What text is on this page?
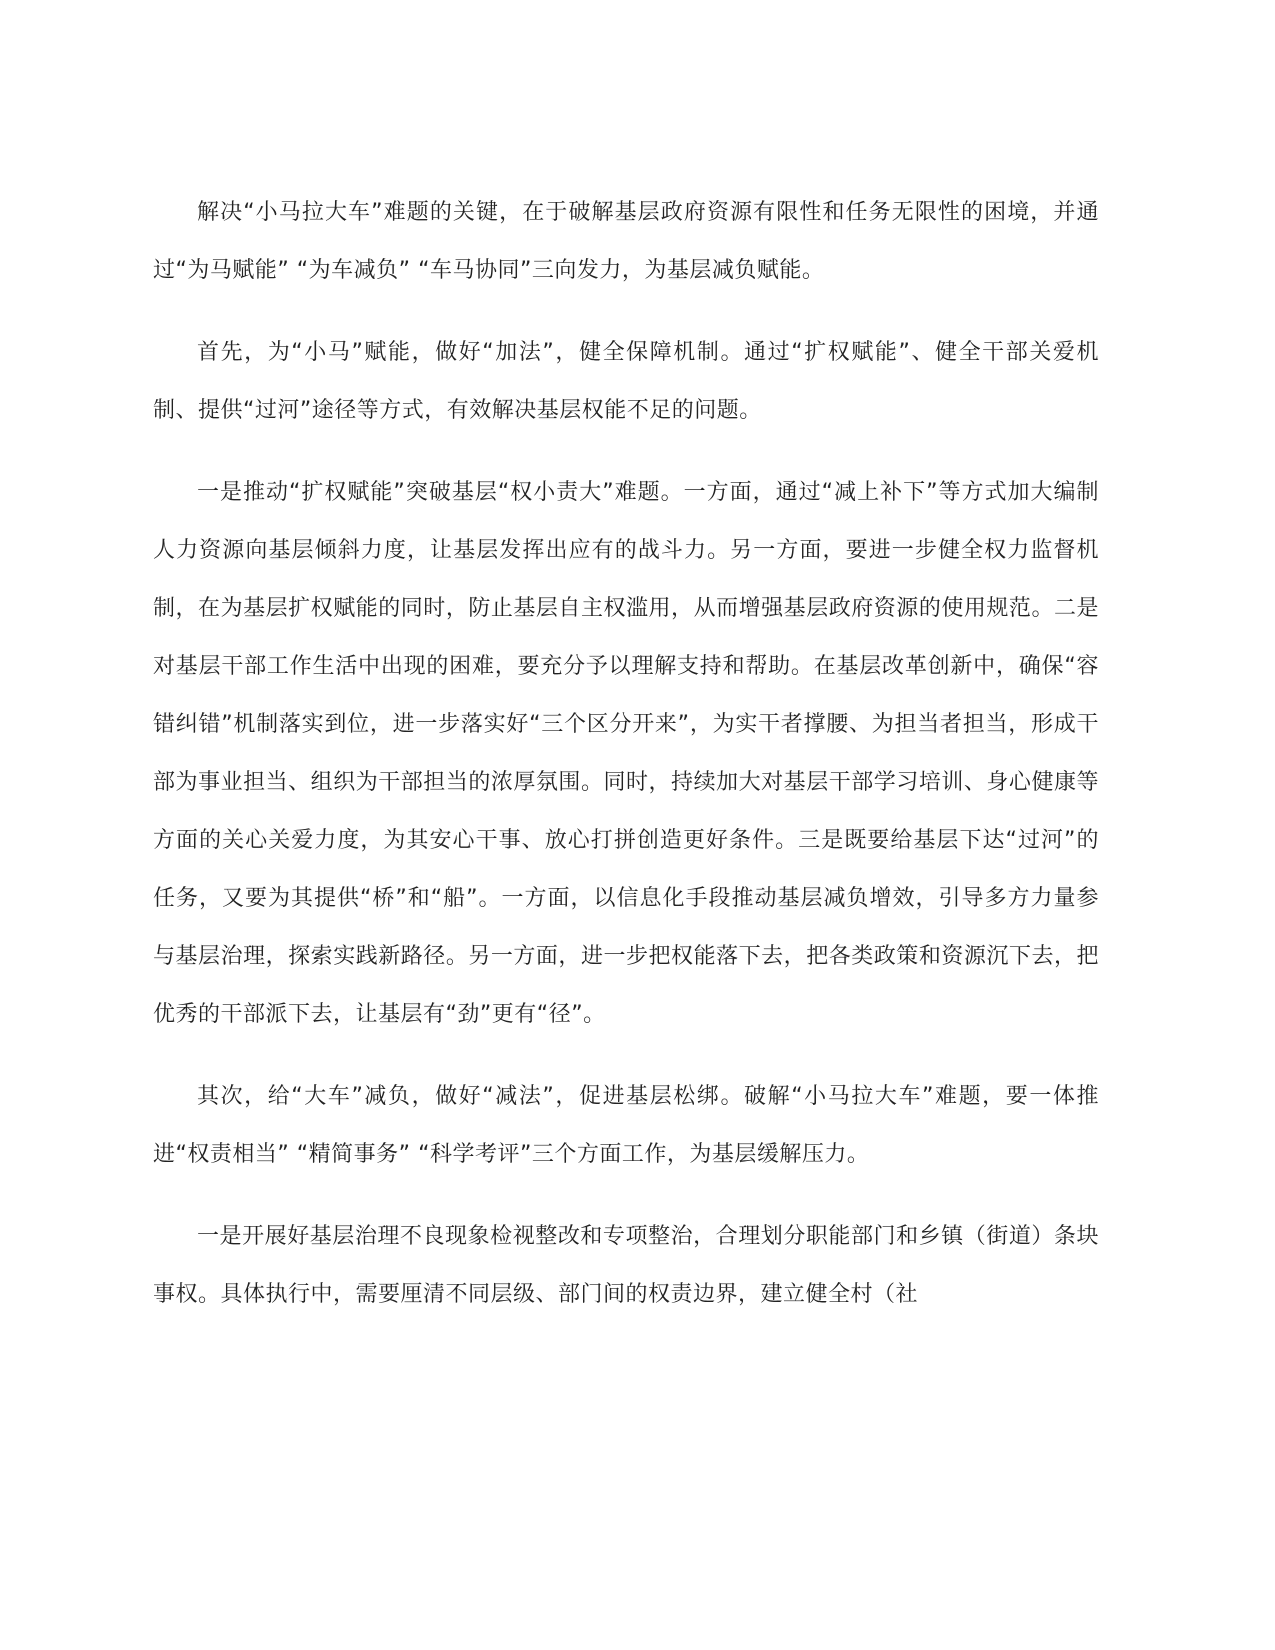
解决“小马拉大车”难题的关键，在于破解基层政府资源有限性和任务无限性的困境，并通过“为马赋能” “为车减负” “车马协同”三向发力，为基层减负赋能。

首先，为“小马”赋能，做好“加法”，健全保障机制。通过“扩权赋能”、健全干部关爱机制、提供“过河”途径等方式，有效解决基层权能不足的问题。

一是推动“扩权赋能”突破基层“权小责大”难题。一方面，通过“减上补下”等方式加大编制人力资源向基层倾斜力度，让基层发挥出应有的战斗力。另一方面，要进一步健全权力监督机制，在为基层扩权赋能的同时，防止基层自主权滥用，从而增强基层政府资源的使用规范。二是对基层干部工作生活中出现的困难，要充分予以理解支持和帮助。在基层改革创新中，确保“容错纠错”机制落实到位，进一步落实好“三个区分开来”，为实干者撑腰、为担当者担当，形成干部为事业担当、组织为干部担当的浓厚氛围。同时，持续加大对基层干部学习培训、身心健康等方面的关心关爱力度，为其安心干事、放心打拼创造更好条件。三是既要给基层下达“过河”的任务，又要为其提供“桥”和“船”。一方面，以信息化手段推动基层减负增效，引导多方力量参与基层治理，探索实践新路径。另一方面，进一步把权能落下去，把各类政策和资源沉下去，把优秀的干部派下去，让基层有“劲”更有“径”。

其次，给“大车”减负，做好“减法”，促进基层松绑。破解“小马拉大车”难题，要一体推进“权责相当” “精简事务” “科学考评”三个方面工作，为基层缓解压力。

一是开展好基层治理不良现象检视整改和专项整治，合理划分职能部门和乡镇（街道）条块事权。具体执行中，需要厘清不同层级、部门间的权责边界，建立健全村（社
